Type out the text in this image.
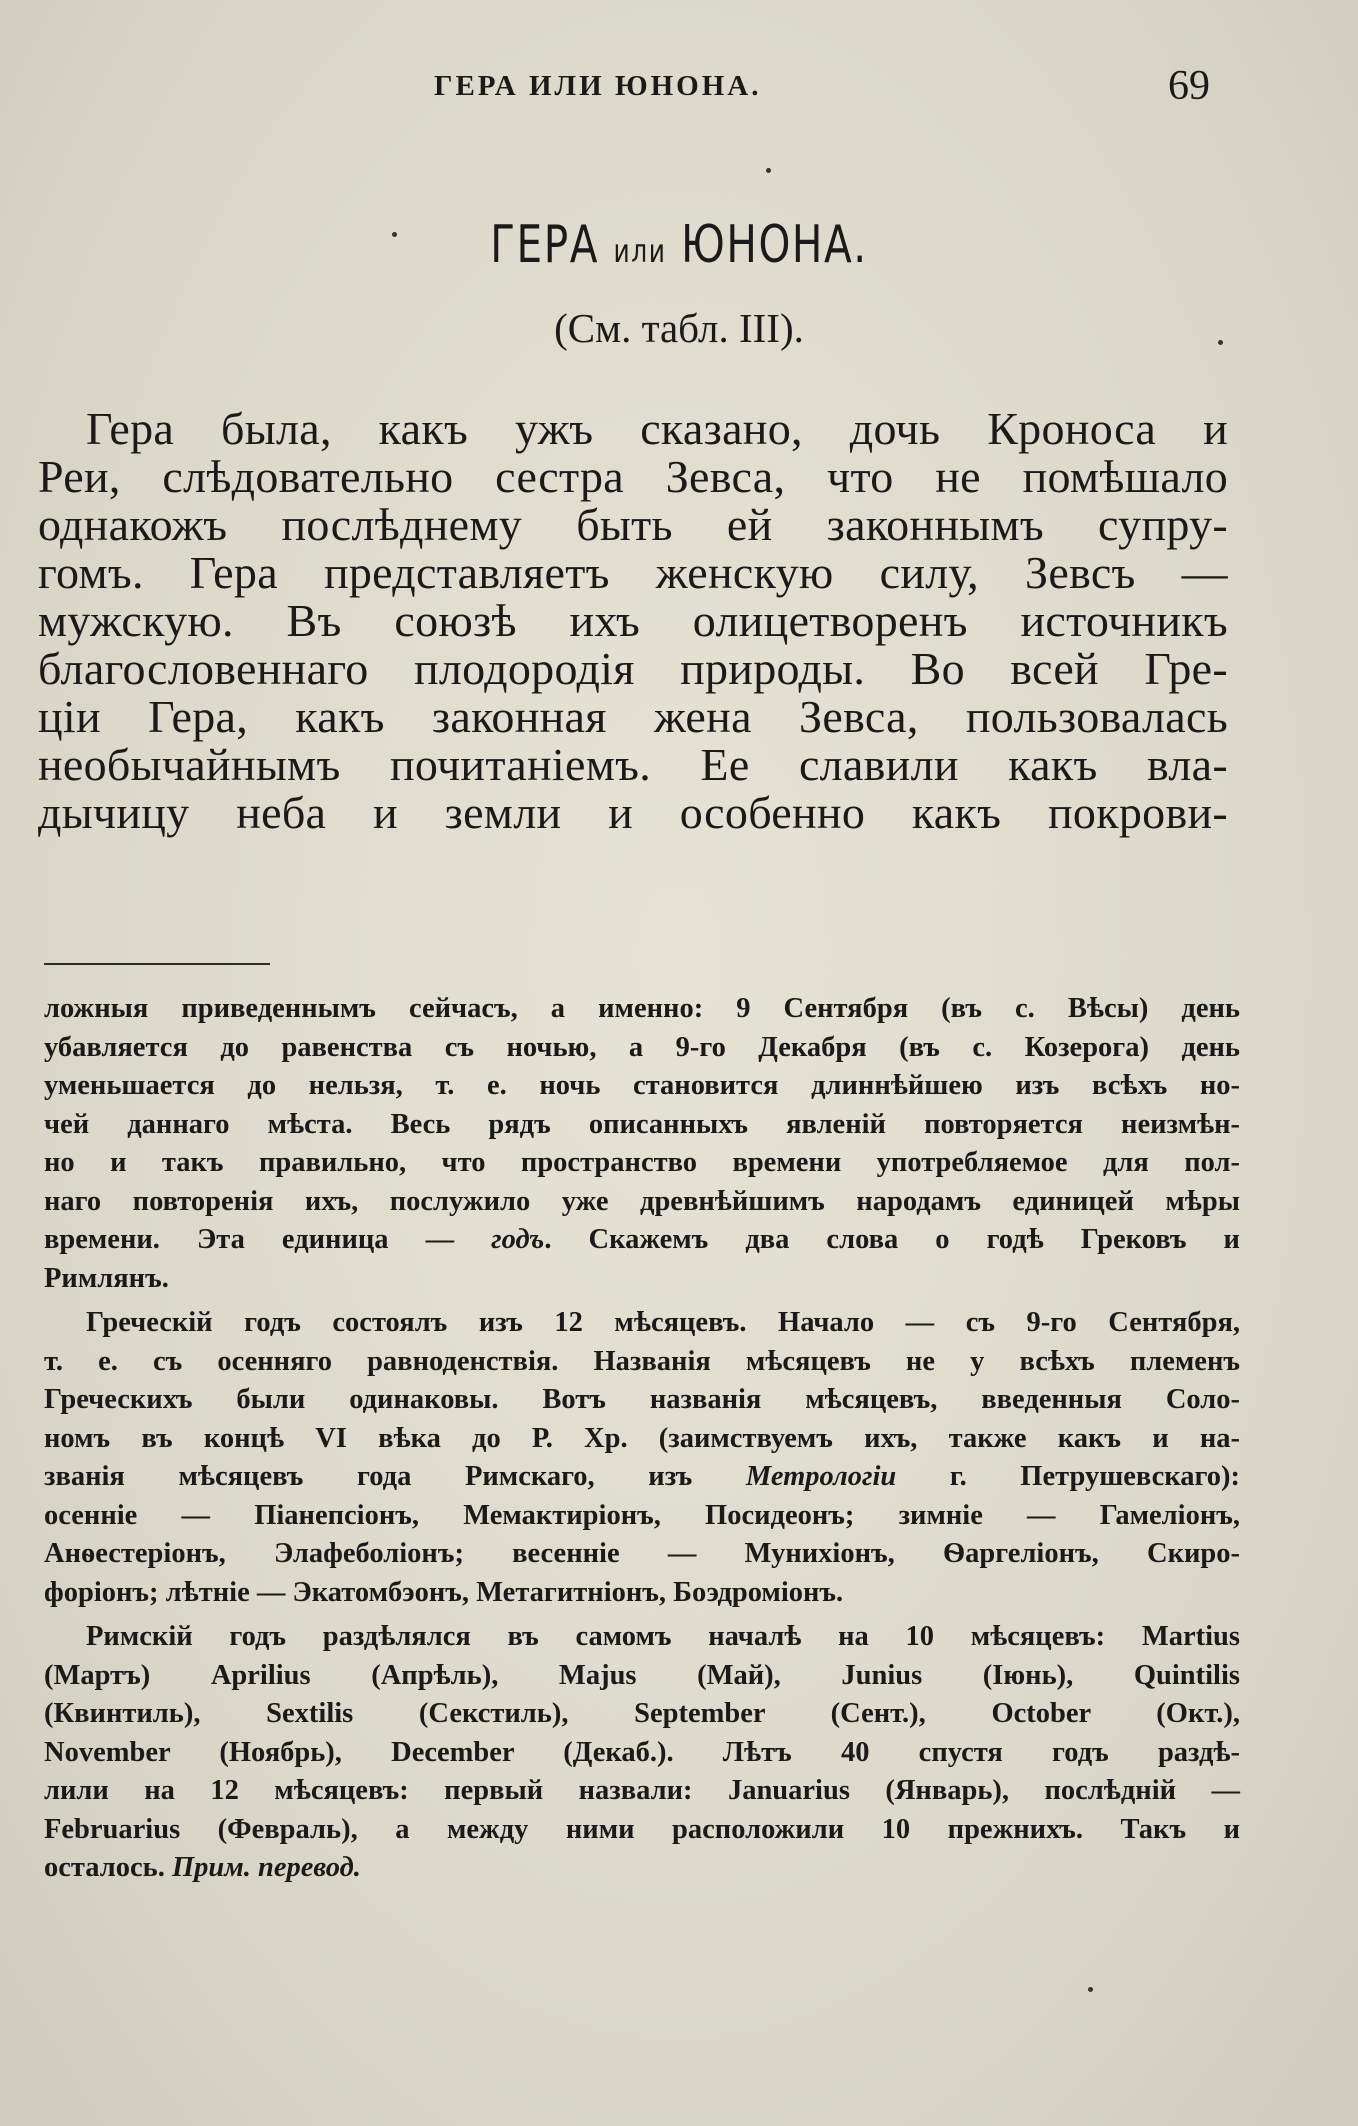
ГЕРА ИЛИ ЮНОНА.	69
ГЕРА или ЮНОНА.
(См. табл. III).
Гера была, какъ ужъ сказано, дочь Кроноса и
Реи, слѣдовательно сестра Зевса, что не помѣшало
однакожъ послѣднему быть ей законнымъ супру-
гомъ. Гера представляетъ женскую силу, Зевсъ —
мужскую. Въ союзѣ ихъ олицетворенъ источникъ
благословеннаго плодородія природы. Во всей Гре-
ціи Гера, какъ законная жена Зевса, пользовалась
необычайнымъ почитаніемъ. Ее славили какъ вла-
дычицу неба и земли и особенно какъ покрови-
ложныя приведеннымъ сейчасъ, а именно: 9 Сентября (въ с. Вѣсы) день
убавляется до равенства съ ночью, а 9-го Декабря (въ с. Козерога) день
уменьшается до нельзя, т. е. ночь становится длиннѣйшею изъ всѣхъ но-
чей даннаго мѣста. Весь рядъ описанныхъ явленій повторяется неизмѣн-
но и такъ правильно, что пространство времени употребляемое для пол-
наго повторенія ихъ, послужило уже древнѣйшимъ народамъ единицей мѣры
времени. Эта единица — годъ. Скажемъ два слова о годѣ Грековъ и
Римлянъ.
Греческій годъ состоялъ изъ 12 мѣсяцевъ. Начало — съ 9-го Сентября,
т. е. съ осенняго равноденствія. Названія мѣсяцевъ не у всѣхъ племенъ
Греческихъ были одинаковы. Вотъ названія мѣсяцевъ, введенныя Соло-
номъ въ концѣ VI вѣка до Р. Хр. (заимствуемъ ихъ, также какъ и на-
званія мѣсяцевъ года Римскаго, изъ Метрологіи г. Петрушевскаго):
осенніе — Піанепсіонъ, Мемактиріонъ, Посидеонъ; зимніе — Гамеліонъ,
Анѳестеріонъ, Элафеболіонъ; весенніе — Мунихіонъ, Ѳаргеліонъ, Скиро-
форіонъ; лѣтніе — Экатомбэонъ, Метагитніонъ, Боэдроміонъ.
Римскій годъ раздѣлялся въ самомъ началѣ на 10 мѣсяцевъ: Martius
(Мартъ) Aprilius (Апрѣль), Majus (Май), Junius (Іюнь), Quintilis
(Квинтиль), Sextilis (Секстиль), September (Сент.), October (Окт.),
November (Ноябрь), December (Декаб.). Лѣтъ 40 спустя годъ раздѣ-
лили на 12 мѣсяцевъ: первый назвали: Januarius (Январь), послѣдній —
Februarius (Февраль), а между ними расположили 10 прежнихъ. Такъ и
осталось. Прим. перевод.
